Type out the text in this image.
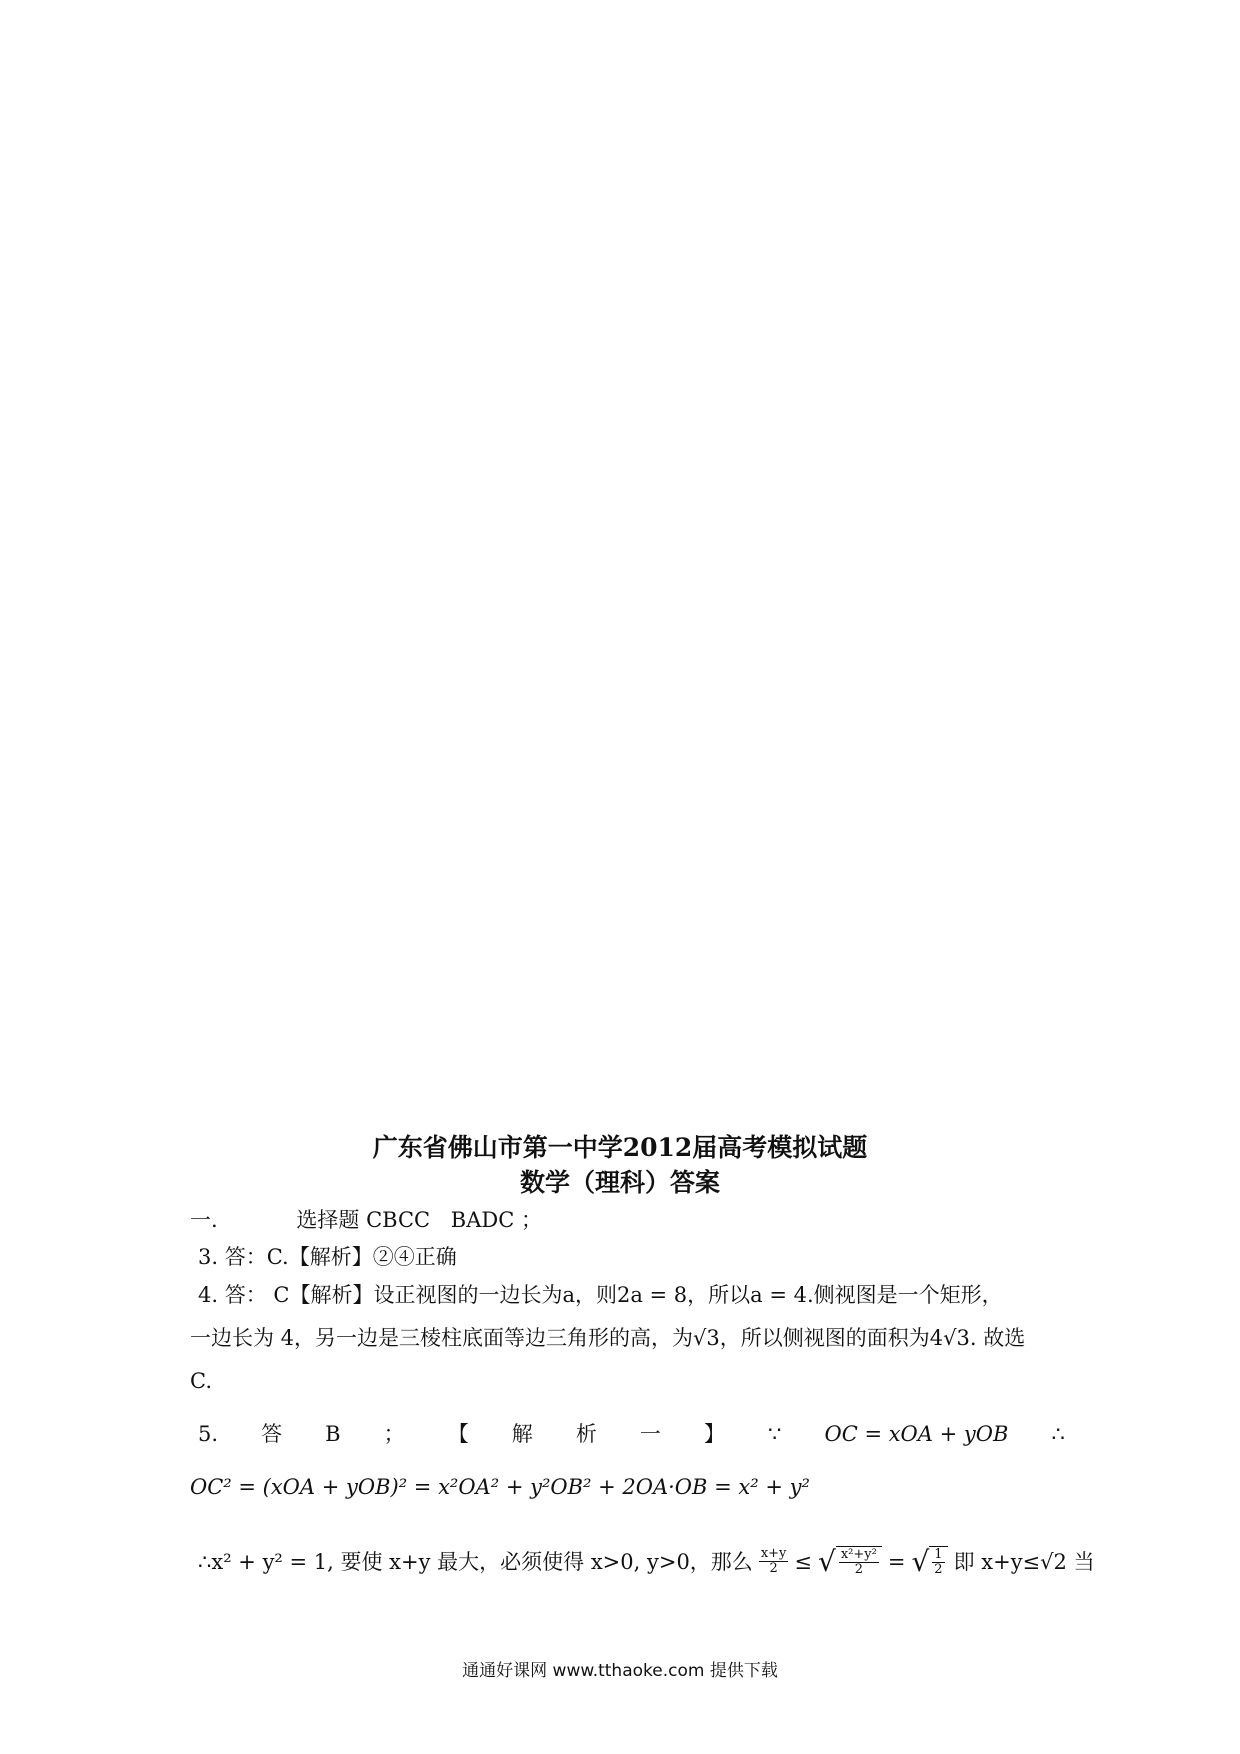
广东省佛山市第一中学2012届高考模拟试题
数学（理科）答案
一.	选择题 CBCC BADC ；
3. 答：C.【解析】②④正确
4. 答： C【解析】设正视图的一边长为a，则2a = 8，所以a = 4.侧视图是一个矩形，
一边长为 4，另一边是三棱柱底面等边三角形的高，为√3，所以侧视图的面积为4√3. 故选
C.
5. 答 B ； 【 解 析 一 】 ∵ OC = xOA + yOB ∴
OC² = (xOA + yOB)² = x²OA² + y²OB² + 2OA·OB = x² + y²
∴x² + y² = 1, 要使 x+y 最大，必须使得 x>0, y>0，那么 $\frac{x+y}{2}$ ≤ √ $\frac{\text{x²+y²}}{2}$ = √ $\frac{1}{2}$ 即 x+y≤√2 当
通通好课网 www.tthaoke.com 提供下载
